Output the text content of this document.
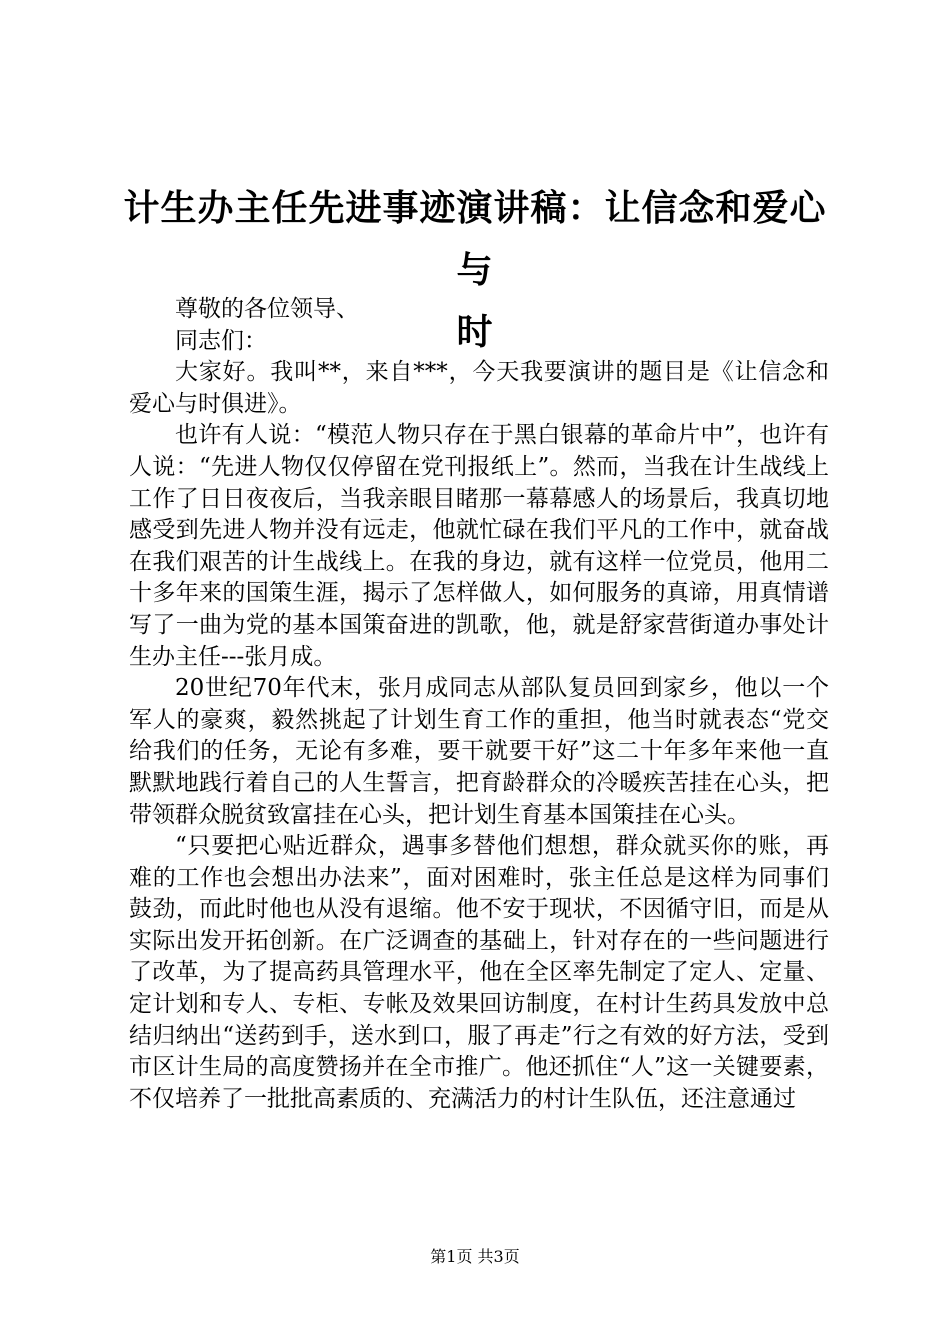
计生办主任先进事迹演讲稿：让信念和爱心与
时

尊敬的各位领导、

同志们：

大家好。我叫**，来自***，今天我要演讲的题目是《让信念和爱心与时俱进》。

也许有人说：“模范人物只存在于黑白银幕的革命片中”，也许有人说：“先进人物仅仅停留在党刊报纸上”。然而，当我在计生战线上工作了日日夜夜后，当我亲眼目睹那一幕幕感人的场景后，我真切地感受到先进人物并没有远走，他就忙碌在我们平凡的工作中，就奋战在我们艰苦的计生战线上。在我的身边，就有这样一位党员，他用二十多年来的国策生涯，揭示了怎样做人，如何服务的真谛，用真情谱写了一曲为党的基本国策奋进的凯歌，他，就是舒家营街道办事处计生办主任---张月成。

20世纪70年代末，张月成同志从部队复员回到家乡，他以一个军人的豪爽，毅然挑起了计划生育工作的重担，他当时就表态“党交给我们的任务，无论有多难，要干就要干好”这二十年多年来他一直默默地践行着自己的人生誓言，把育龄群众的冷暖疾苦挂在心头，把带领群众脱贫致富挂在心头，把计划生育基本国策挂在心头。

“只要把心贴近群众，遇事多替他们想想，群众就买你的账，再难的工作也会想出办法来”，面对困难时，张主任总是这样为同事们鼓劲，而此时他也从没有退缩。他不安于现状，不因循守旧，而是从实际出发开拓创新。在广泛调查的基础上，针对存在的一些问题进行了改革，为了提高药具管理水平，他在全区率先制定了定人、定量、定计划和专人、专柜、专帐及效果回访制度，在村计生药具发放中总结归纳出“送药到手，送水到口，服了再走”行之有效的好方法，受到市区计生局的高度赞扬并在全市推广。他还抓住“人”这一关键要素，不仅培养了一批批高素质的、充满活力的村计生队伍，还注意通过

第1页 共3页
